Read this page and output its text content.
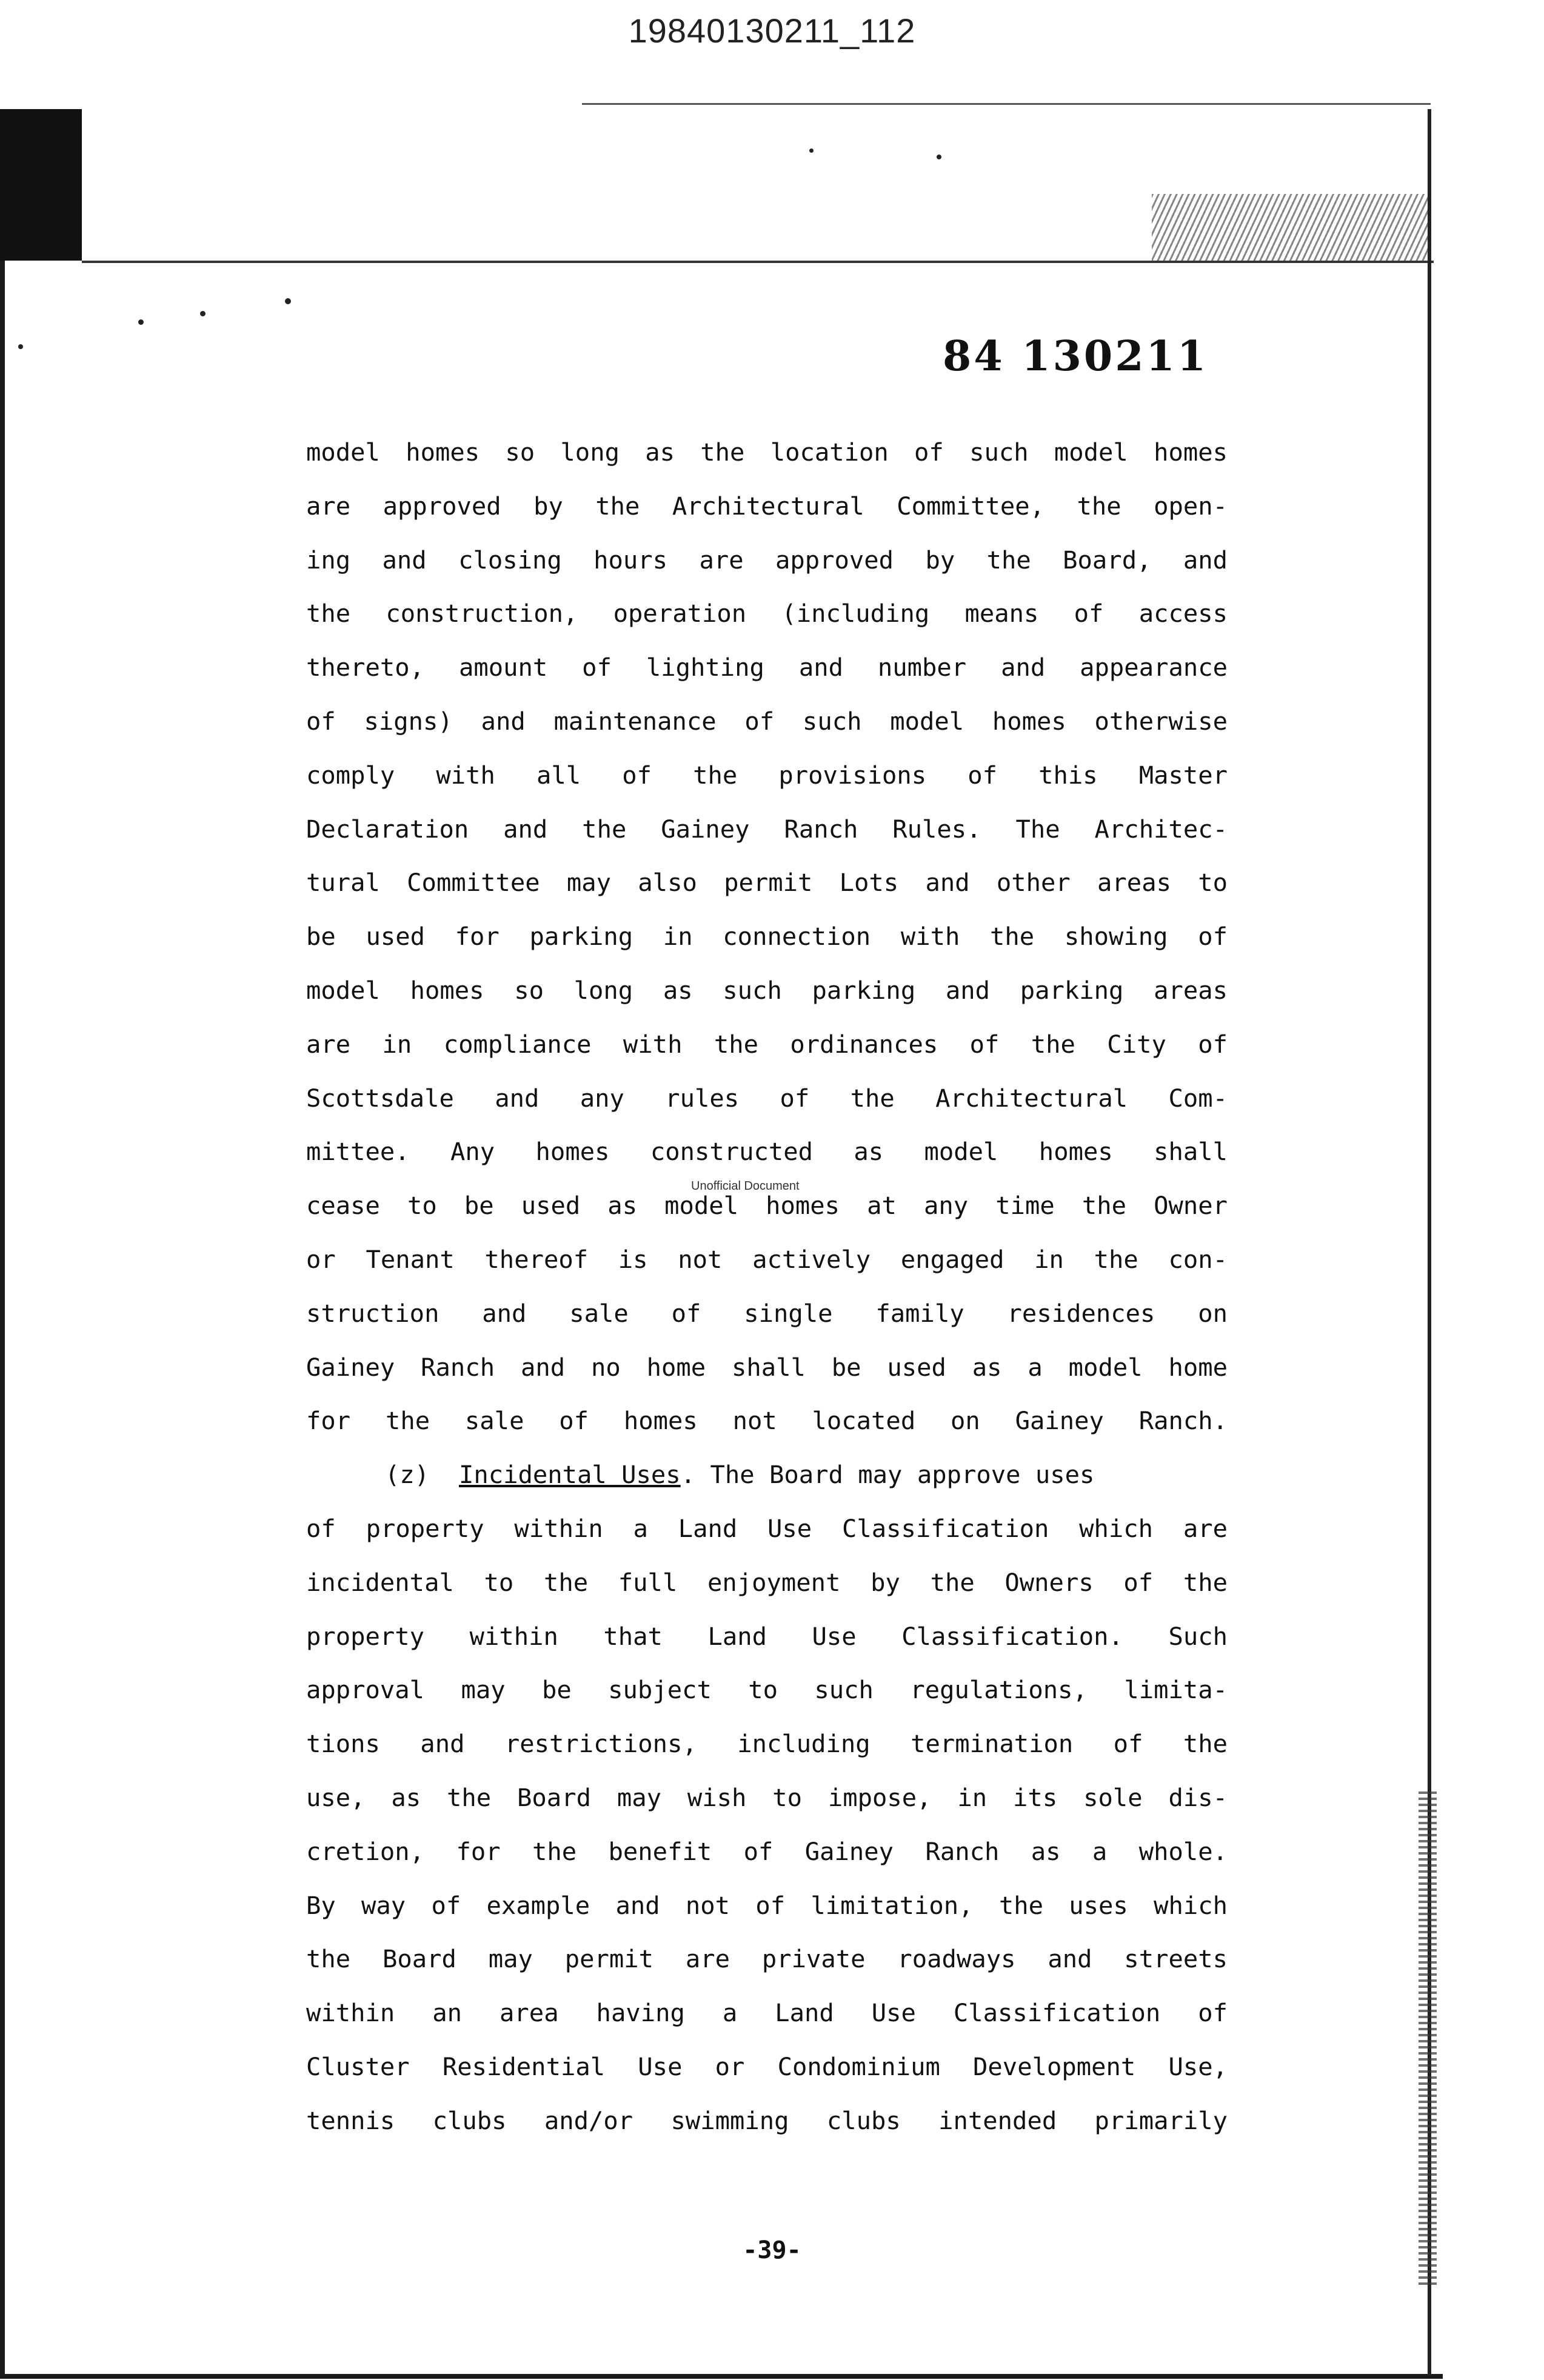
19840130211_112
84 130211
model homes so long as the location of such model homes
are approved by the Architectural Committee, the open-
ing and closing hours are approved by the Board, and
the construction, operation (including means of access
thereto, amount of lighting and number and appearance
of signs) and maintenance of such model homes otherwise
comply with all of the provisions of this Master
Declaration and the Gainey Ranch Rules. The Architec-
tural Committee may also permit Lots and other areas to
be used for parking in connection with the showing of
model homes so long as such parking and parking areas
are in compliance with the ordinances of the City of
Scottsdale and any rules of the Architectural Com-
mittee. Any homes constructed as model homes shall
cease to be used as model homes at any time the Owner
or Tenant thereof is not actively engaged in the con-
struction and sale of single family residences on
Gainey Ranch and no home shall be used as a model home
for the sale of homes not located on Gainey Ranch.
(z) Incidental Uses. The Board may approve uses
of property within a Land Use Classification which are
incidental to the full enjoyment by the Owners of the
property within that Land Use Classification. Such
approval may be subject to such regulations, limita-
tions and restrictions, including termination of the
use, as the Board may wish to impose, in its sole dis-
cretion, for the benefit of Gainey Ranch as a whole.
By way of example and not of limitation, the uses which
the Board may permit are private roadways and streets
within an area having a Land Use Classification of
Cluster Residential Use or Condominium Development Use,
tennis clubs and/or swimming clubs intended primarily
Unofficial Document
-39-
